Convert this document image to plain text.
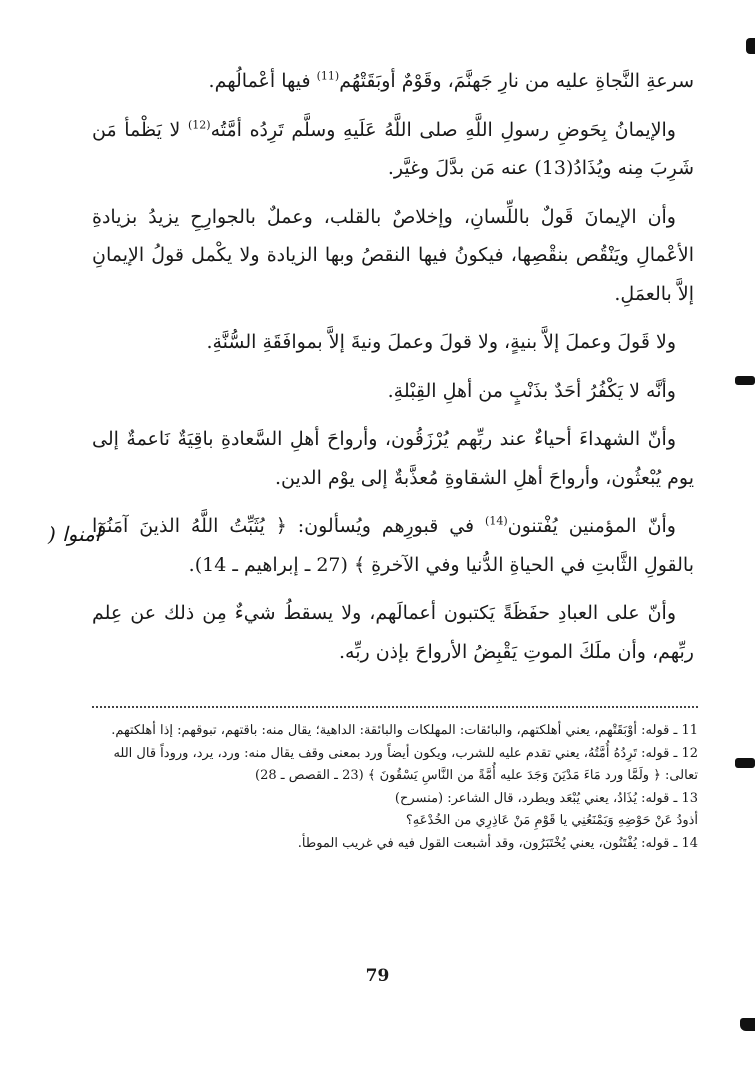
سرعةِ النَّجاةِ عليه من نارِ جَهنَّمَ، وقَوْمٌ أوبَقَتْهُم$^{(11)}$ فيها أعْمالُهم.

والإيمانُ بِحَوضِ رسولِ اللَّهِ صلى اللَّهُ عَلَيهِ وسلَّم تَرِدُه أمَّتُه$^{(12)}$ لا يَظْمأ مَن شَرِبَ مِنه ويُذَادُ(13) عنه مَن بدَّلَ وغيَّر.

وأن الإيمانَ قَولٌ باللِّسانِ، وإخلاصٌ بالقلب، وعملٌ بالجوارِحِ يزيدُ بزيادةِ الأعْمالِ ويَنْقُص بنقْصِها، فيكونُ فيها النقصُ وبها الزيادة ولا يكْمل قولُ الإيمانِ إلاَّ بالعمَلِ.

ولا قَولَ وعملَ إلاَّ بنيةٍ، ولا قولَ وعملَ ونيةَ إلاَّ بموافَقَةِ السُّنَّةِ.

وأنَّه لا يَكْفُرُ أحَدٌ بذَنْبٍ من أهلِ القِبْلةِ.

وأنّ الشهداءَ أحياءٌ عند ربِّهم يُرْزَقُون، وأرواحَ أهلِ السَّعادةِ باقِيَةٌ نَاعمةٌ إلى يوم يُبْعثُون، وأرواحَ أهلِ الشقاوةِ مُعذَّبةٌ إلى يوْم الدين.

وأنّ المؤمنين يُفْتنون$^{(14)}$ في قبورِهم ويُسألون: ﴿ يُثَبِّتُ اللَّهُ الذينَ آمَنُوا بالقولِ الثَّابتِ في الحياةِ الدُّنيا وفي الآخرةِ ﴾ (27 ـ إبراهيم ـ 14).

وأنّ على العبادِ حفَظَةً يَكتبون أعمالَهم، ولا يسقطُ شيءٌ مِن ذلك عن عِلم ربِّهم، وأن ملَكَ الموتِ يَقْبِضُ الأرواحَ بإذن ربِّه.

آمنوا (

11 ـ قوله: أوْبَقَتْهم، يعني أهلكتهم، والبائقات: المهلكات والبائقة: الداهية؛ يقال منه: باقتهم، تبوقهم: إذا أهلكتهم.

12 ـ قوله: تَرِدُهُ أُمَّتُهُ، يعني تقدم عليه للشرب، ويكون أيضاً ورد بمعنى وقف يقال منه: ورد، يرد، وروداً قال الله تعالى: ﴿ ولَمَّا ورد مَاءَ مَدْيَنَ وَجَدَ عليه أُمَّةً من النَّاسِ يَسْقُونَ ﴾ (23 ـ القصص ـ 28)

13 ـ قوله: يُذَادُ، يعني يُبْعَد ويطرد، قال الشاعر: (منسرح)

أذودُ عَنْ حَوْضِهِ وَيَمْنَعُنِي يا قَوْمِ مَنْ عَاذِرِي من الخُدْعَهِ؟

14 ـ قوله: يُفْتَنُون، يعني يُخْتَبَرُون، وقد أشبعت القول فيه في غريب الموطأ.

79
